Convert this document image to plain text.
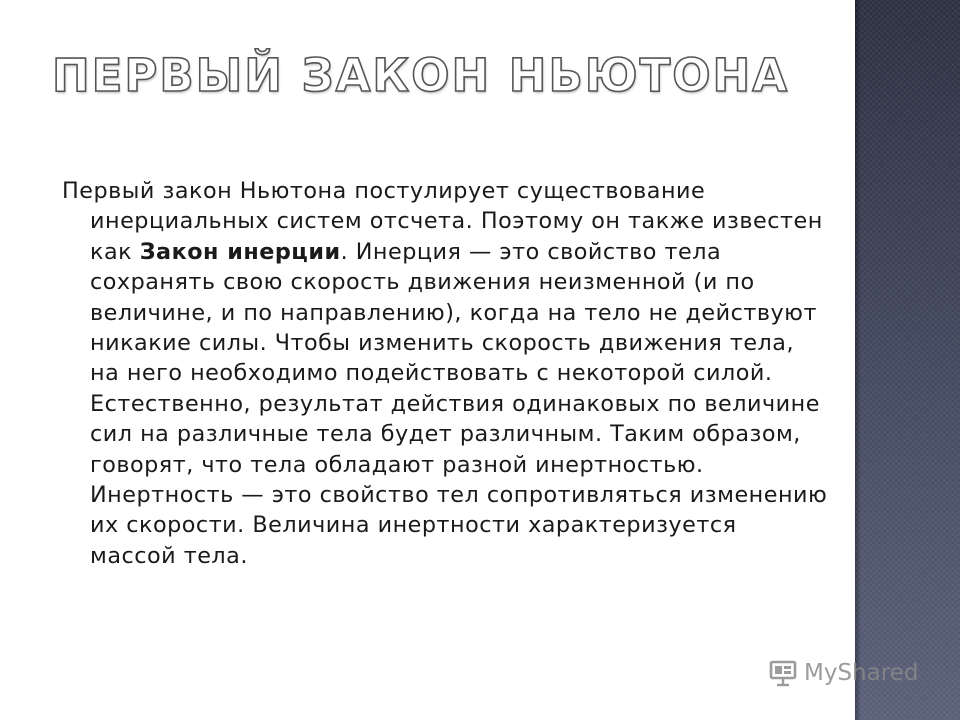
ПЕРВЫЙ ЗАКОН НЬЮТОНА

Первый закон Ньютона постулирует существование инерциальных систем отсчета. Поэтому он также известен как Закон инерции. Инерция — это свойство тела сохранять свою скорость движения неизменной (и по величине, и по направлению), когда на тело не действуют никакие силы. Чтобы изменить скорость движения тела, на него необходимо подействовать с некоторой силой. Естественно, результат действия одинаковых по величине сил на различные тела будет различным. Таким образом, говорят, что тела обладают разной инертностью. Инертность — это свойство тел сопротивляться изменению их скорости. Величина инертности характеризуется массой тела.

MyShared
